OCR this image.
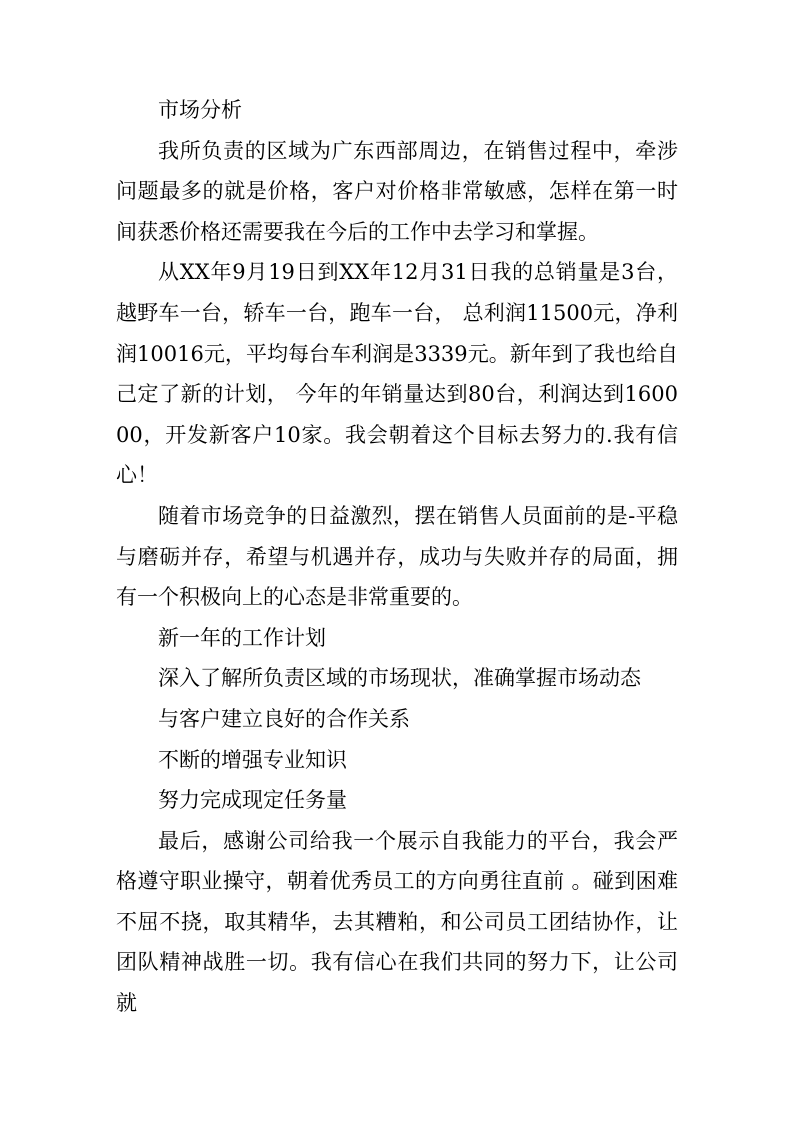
市场分析

我所负责的区域为广东西部周边，在销售过程中，牵涉问题最多的就是价格，客户对价格非常敏感，怎样在第一时间获悉价格还需要我在今后的工作中去学习和掌握。

从XX年9月19日到XX年12月31日我的总销量是3台，越野车一台，轿车一台，跑车一台， 总利润11500元，净利润10016元，平均每台车利润是3339元。新年到了我也给自己定了新的计划， 今年的年销量达到80台，利润达到160000，开发新客户10家。我会朝着这个目标去努力的.我有信心！

随着市场竞争的日益激烈，摆在销售人员面前的是-平稳与磨砺并存，希望与机遇并存，成功与失败并存的局面，拥有一个积极向上的心态是非常重要的。

新一年的工作计划

深入了解所负责区域的市场现状，准确掌握市场动态

与客户建立良好的合作关系

不断的增强专业知识

努力完成现定任务量

最后，感谢公司给我一个展示自我能力的平台，我会严格遵守职业操守，朝着优秀员工的方向勇往直前 。碰到困难不屈不挠，取其精华，去其糟粕，和公司员工团结协作，让团队精神战胜一切。我有信心在我们共同的努力下，让公司就
